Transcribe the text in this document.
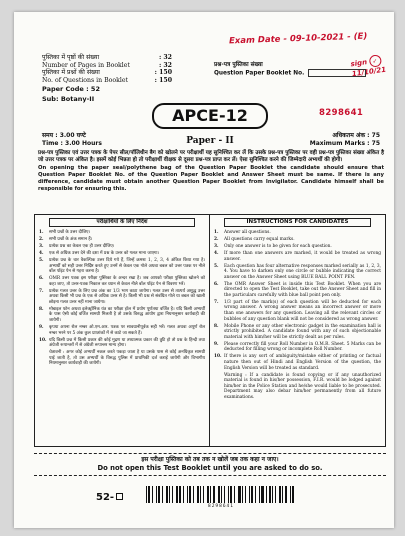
Exam Date - 09-10-2021 - (E)
sign ✓
11/10/21
पुस्तिका में पृष्ठों की संख्या	: 32
Number of Pages in Booklet	: 32
पुस्तिका में प्रश्नों की संख्या	: 150
No. of Questions in Booklet	: 150
Paper Code : 52
Sub: Botany-II
प्रश्न-पत्र पुस्तिका संख्या
Question Paper Booklet No.
APCE-12	8298641
समय : 3.00 घण्टे
Time : 3.00 Hours	Paper - II
अधिकतम अंक : 75
Maximum Marks : 75
प्रश्न-पत्र पुस्तिका एवं उत्तर पत्रक के पेपर सील/पॉलिथीन बैग को खोलने पर परीक्षार्थी यह सुनिश्चित कर लें कि उसके प्रश्न-पत्र पुस्तिका पर वही प्रश्न-पत्र पुस्तिका संख्या अंकित है जो उत्तर पत्रक पर अंकित है। इसमें कोई भिन्नता हो तो परीक्षार्थी वीक्षक से दूसरा प्रश्न-पत्र प्राप्त कर लें। ऐसा सुनिश्चित करने की जिम्मेदारी अभ्यर्थी की होगी।
On opening the paper seal/polythene bag of the Question Paper Booklet the candidate should ensure that Question Paper Booklet No. of the Question Paper Booklet and Answer Sheet must be same. If there is any difference, candidate must obtain another Question Paper Booklet from Invigilator. Candidate himself shall be responsible for ensuring this.
परीक्षार्थियों के लिए निर्देश
1.	सभी प्रश्नों के उत्तर दीजिए।
2.	सभी प्रश्नों के अंक समान हैं।
3.	प्रत्येक प्रश्न का केवल एक ही उत्तर दीजिए।
4.	एक से अधिक उत्तर देने की दशा में प्रश्न के उत्तर को गलत माना जाएगा।
5.	प्रत्येक प्रश्न के चार वैकल्पिक उत्तर दिये गये हैं, जिन्हें क्रमशः 1, 2, 3, 4 अंकित किया गया है। अभ्यर्थी को सही उत्तर निर्दिष्ट करते हुए उनमें से केवल एक गोले अथवा बबल को उत्तर पत्रक पर नीले बॉल पॉइंट पेन से गहरा करना है।
6.	OMR उत्तर पत्रक इस परीक्षा पुस्तिका के अन्दर रखा है। जब आपको परीक्षा पुस्तिका खोलने को कहा जाए, तो उत्तर-पत्रक निकाल कर ध्यान से केवल नीले बॉल पॉइंट पेन से विवरण भरें।
7.	प्रत्येक गलत उत्तर के लिए प्रश्न अंक का 1/3 भाग काटा जायेगा। गलत उत्तर से तात्पर्य अशुद्ध उत्तर अथवा किसी भी प्रश्न के एक से अधिक उत्तर से है। किसी भी प्रश्न से संबंधित गोले या बबल को खाली छोड़ना गलत उत्तर नहीं माना जायेगा।
8.	मोबाइल फोन अथवा इलेक्ट्रॉनिक यंत्र का परीक्षा हॉल में प्रयोग पूर्णतया वर्जित है। यदि किसी अभ्यर्थी के पास ऐसी कोई वर्जित सामग्री मिलती है तो उसके विरुद्ध आयोग द्वारा नियमानुसार कार्यवाही की जायेगी।
9.	कृपया अपना रोल नम्बर ओ.एम.आर. पत्रक पर सावधानीपूर्वक सही भरें। गलत अथवा अपूर्ण रोल नम्बर भरने पर 5 अंक कुल प्राप्तांकों में से काटे जा सकते हैं।
10. यदि किसी प्रश्न में किसी प्रकार की कोई मुद्रण या तथ्यात्मक प्रकार की त्रुटि हो तो प्रश्न के हिन्दी तथा अंग्रेजी रूपान्तरों में से अंग्रेजी रूपान्तर मान्य होगा।
चेतावनी : अगर कोई अभ्यर्थी नकल करते पकड़ा जाता है या उसके पास से कोई अनधिकृत सामग्री पाई जाती है, तो उस अभ्यर्थी के विरुद्ध पुलिस में प्राथमिकी दर्ज कराई जायेगी और विभागीय नियमानुसार कार्यवाही की जायेगी।
INSTRUCTIONS FOR CANDIDATES
1.	Answer all questions.
2.	All questions carry equal marks.
3.	Only one answer is to be given for each question.
4.	If more than one answers are marked, it would be treated as wrong answer.
5.	Each question has four alternative responses marked serially as 1, 2, 3, 4. You have to darken only one circle or bubble indicating the correct answer on the Answer Sheet using BLUE BALL POINT PEN.
6.	The OMR Answer Sheet is inside this Test Booklet. When you are directed to open the Test Booklet, take out the Answer Sheet and fill in the particulars carefully with blue ball point pen only.
7.	1/3 part of the mark(s) of each question will be deducted for each wrong answer. A wrong answer means an incorrect answer or more than one answers for any question. Leaving all the relevant circles or bubbles of any question blank will not be considered as wrong answer.
8.	Mobile Phone or any other electronic gadget in the examination hall is strictly prohibited. A candidate found with any of such objectionable material with him/her will be strictly dealt as per rules.
9.	Please correctly fill your Roll Number in O.M.R. Sheet. 5 Marks can be deducted for filling wrong or incomplete Roll Number.
10. If there is any sort of ambiguity/mistake either of printing or factual nature then out of Hindi and English Version of the question, the English Version will be treated as standard.
Warning : If a candidate is found copying or if any unauthorized material is found in his/her possession, F.I.R. would be lodged against him/her in the Police Station and he/she would liable to be prosecuted. Department may also debar him/her permanently from all future examinations.
इस परीक्षा पुस्तिका को तब तक न खोलें जब तक कहा न जाए।
Do not open this Test Booklet until you are asked to do so.
52-
8298641
